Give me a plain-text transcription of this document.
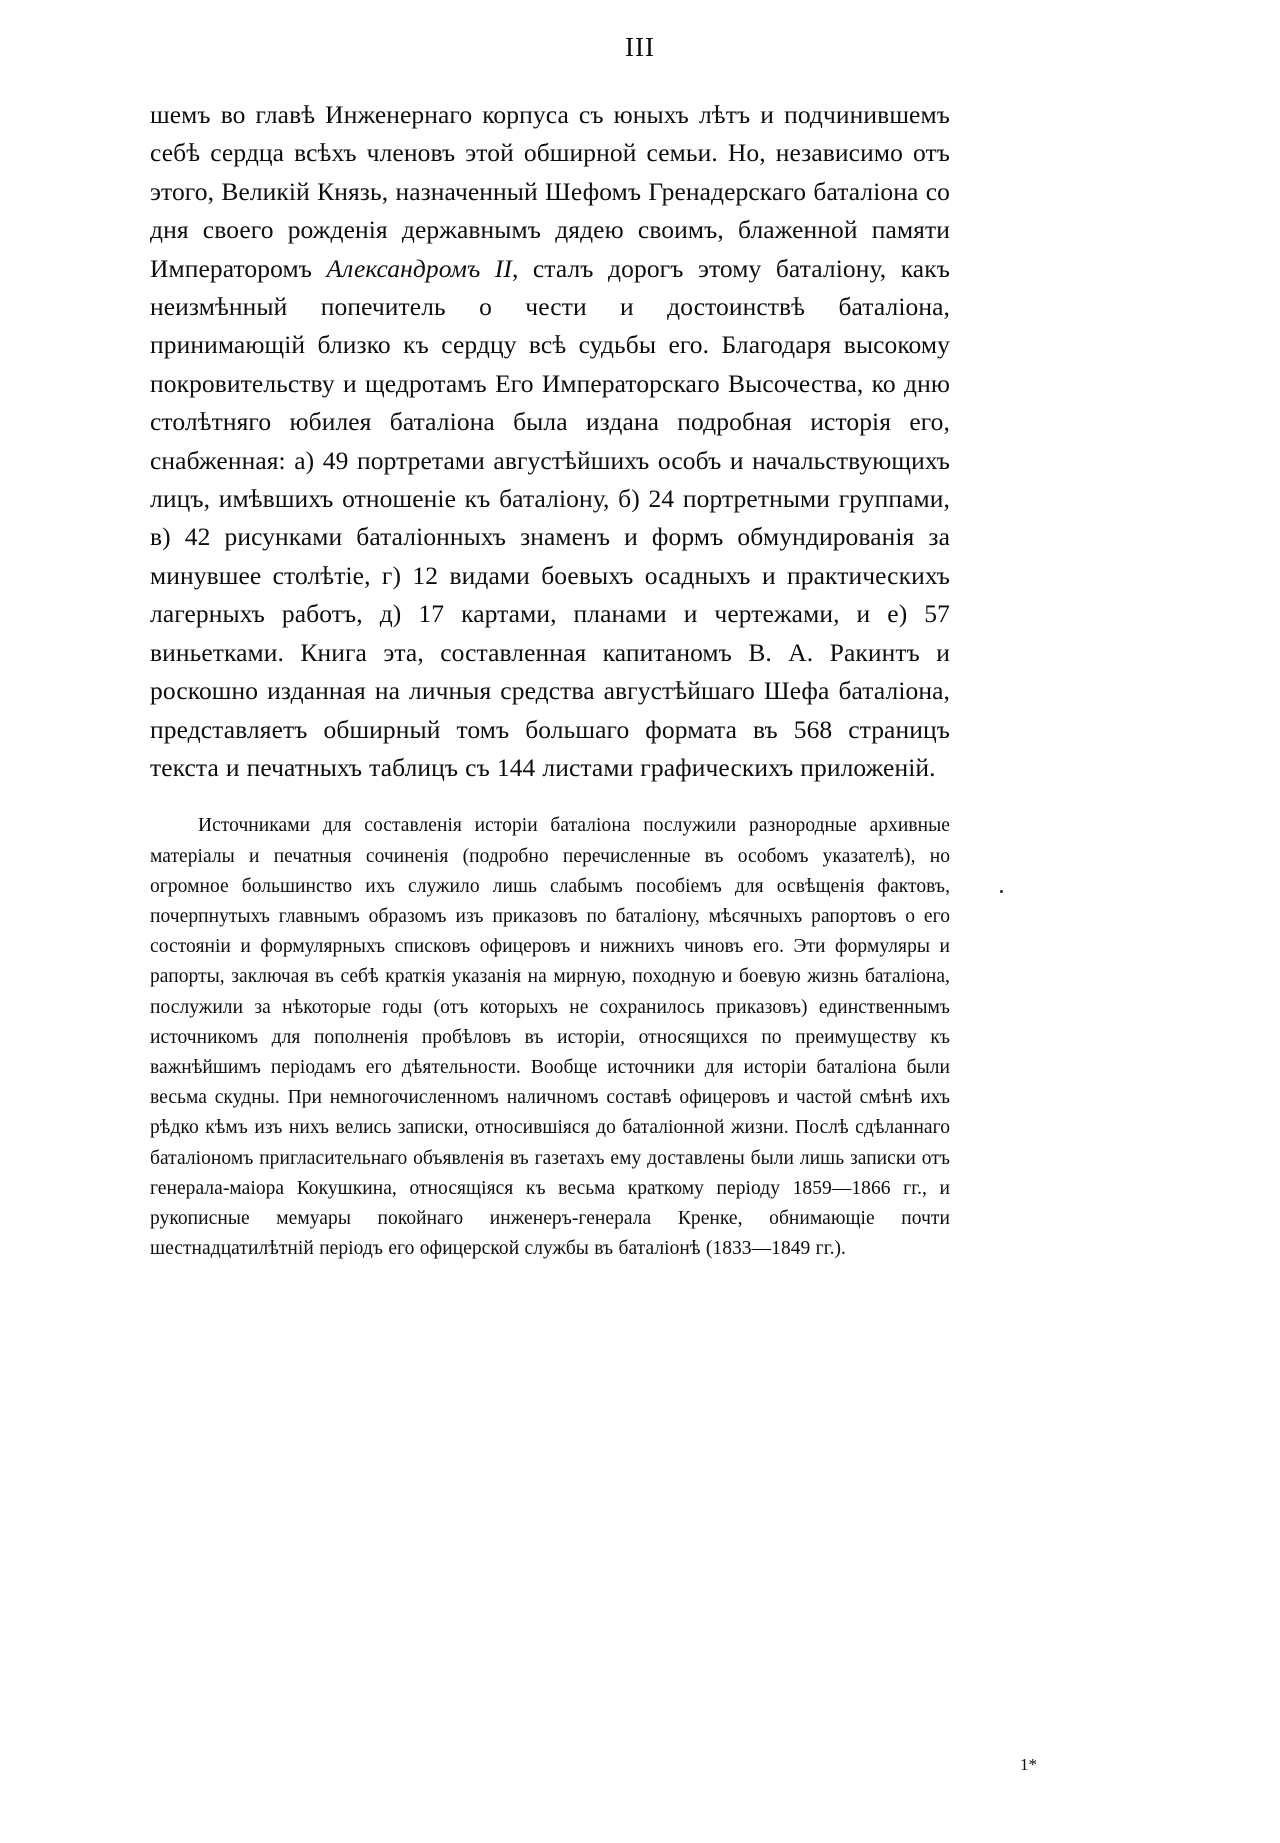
III

шемъ во главѣ Инженернаго корпуса съ юныхъ лѣтъ и подчинившемъ себѣ сердца всѣхъ членовъ этой обширной семьи. Но, независимо отъ этого, Великій Князь, назначенный Шефомъ Гренадерскаго баталіона со дня своего рожденія державнымъ дядею своимъ, блаженной памяти Императоромъ Александромъ II, сталъ дорогъ этому баталіону, какъ неизмѣнный попечитель о чести и достоинствѣ баталіона, принимающій близко къ сердцу всѣ судьбы его. Благодаря высокому покровительству и щедротамъ Его Императорскаго Высочества, ко дню столѣтняго юбилея баталіона была издана подробная исторія его, снабженная: а) 49 портретами августѣйшихъ особъ и начальствующихъ лицъ, имѣвшихъ отношеніе къ баталіону, б) 24 портретными группами, в) 42 рисунками баталіонныхъ знаменъ и формъ обмундированія за минувшее столѣтіе, г) 12 видами боевыхъ осадныхъ и практическихъ лагерныхъ работъ, д) 17 картами, планами и чертежами, и е) 57 виньетками. Книга эта, составленная капитаномъ В. А. Ракинтъ и роскошно изданная на личныя средства августѣйшаго Шефа баталіона, представляетъ обширный томъ большаго формата въ 568 страницъ текста и печатныхъ таблицъ съ 144 листами графическихъ приложеній.

Источниками для составленія исторіи баталіона послужили разнородные архивные матеріалы и печатныя сочиненія (подробно перечисленные въ особомъ указателѣ), но огромное большинство ихъ служило лишь слабымъ пособіемъ для освѣщенія фактовъ, почерпнутыхъ главнымъ образомъ изъ приказовъ по баталіону, мѣсячныхъ рапортовъ о его состояніи и формулярныхъ списковъ офицеровъ и нижнихъ чиновъ его. Эти формуляры и рапорты, заключая въ себѣ краткія указанія на мирную, походную и боевую жизнь баталіона, послужили за нѣкоторые годы (отъ которыхъ не сохранилось приказовъ) единственнымъ источникомъ для пополненія пробѣловъ въ исторіи, относящихся по преимуществу къ важнѣйшимъ періодамъ его дѣятельности. Вообще источники для исторіи баталіона были весьма скудны. При немногочисленномъ наличномъ составѣ офицеровъ и частой смѣнѣ ихъ рѣдко кѣмъ изъ нихъ велись записки, относившіяся до баталіонной жизни. Послѣ сдѣланнаго баталіономъ пригласительнаго объявленія въ газетахъ ему доставлены были лишь записки отъ генерала-маіора Кокушкина, относящіяся къ весьма краткому періоду 1859—1866 гг., и рукописные мемуары покойнаго инженеръ-генерала Кренке, обнимающіе почти шестнадцатилѣтній періодъ его офицерской службы въ баталіонѣ (1833—1849 гг.).

1*
